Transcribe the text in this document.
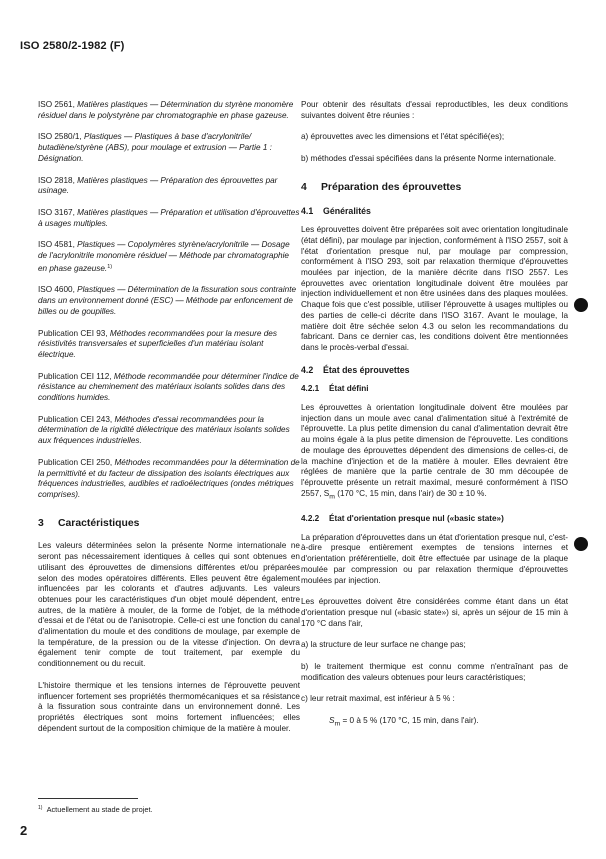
ISO 2580/2-1982 (F)
ISO 2561, Matières plastiques — Détermination du styrène monomère résiduel dans le polystyrène par chromatographie en phase gazeuse.
ISO 2580/1, Plastiques — Plastiques à base d'acrylonitrile/ butadiène/styrène (ABS), pour moulage et extrusion — Partie 1 : Désignation.
ISO 2818, Matières plastiques — Préparation des éprouvettes par usinage.
ISO 3167, Matières plastiques — Préparation et utilisation d'éprouvettes à usages multiples.
ISO 4581, Plastiques — Copolymères styrène/acrylonitrile — Dosage de l'acrylonitrile monomère résiduel — Méthode par chromatographie en phase gazeuse.$^{1)}$
ISO 4600, Plastiques — Détermination de la fissuration sous contrainte dans un environnement donné (ESC) — Méthode par enfoncement de billes ou de goupilles.
Publication CEI 93, Méthodes recommandées pour la mesure des résistivités transversales et superficielles d'un matériau isolant électrique.
Publication CEI 112, Méthode recommandée pour déterminer l'indice de résistance au cheminement des matériaux isolants solides dans des conditions humides.
Publication CEI 243, Méthodes d'essai recommandées pour la détermination de la rigidité diélectrique des matériaux isolants solides aux fréquences industrielles.
Publication CEI 250, Méthodes recommandées pour la détermination de la permittivité et du facteur de dissipation des isolants électriques aux fréquences industrielles, audibles et radioélectriques (ondes métriques comprises).
3 Caractéristiques

Les valeurs déterminées selon la présente Norme internationale ne seront pas nécessairement identiques à celles qui sont obtenues en utilisant des éprouvettes de dimensions différentes et/ou préparées selon des modes opératoires différents. Elles peuvent être également influencées par les colorants et d'autres adjuvants. Les valeurs obtenues pour les caractéristiques d'un objet moulé dépendent, entre autres, de la matière à mouler, de la forme de l'objet, de la méthode d'essai et de l'état ou de l'anisotropie. Celle-ci est une fonction du canal d'alimentation du moule et des conditions de moulage, par exemple de la température, de la pression ou de la vitesse d'injection. On devra également tenir compte de tout traitement, par exemple du conditionnement ou du recuit.

L'histoire thermique et les tensions internes de l'éprouvette peuvent influencer fortement ses propriétés thermomécaniques et sa résistance à la fissuration sous contrainte dans un environnement donné. Les propriétés électriques sont moins fortement influencées; elles dépendent surtout de la composition chimique de la matière à mouler.

Pour obtenir des résultats d'essai reproductibles, les deux conditions suivantes doivent être réunies :

a) éprouvettes avec les dimensions et l'état spécifié(es);

b) méthodes d'essai spécifiées dans la présente Norme internationale.

4 Préparation des éprouvettes
4.1 Généralités

Les éprouvettes doivent être préparées soit avec orientation longitudinale (état défini), par moulage par injection, conformément à l'ISO 2557, soit à l'état d'orientation presque nul, par moulage par compression, conformément à l'ISO 293, soit par relaxation thermique d'éprouvettes moulées par injection, de la manière décrite dans l'ISO 2557. Les éprouvettes avec orientation longitudinale doivent être moulées par injection individuellement et non être usinées dans des plaques moulées. Chaque fois que c'est possible, utiliser l'éprouvette à usages multiples ou des parties de celle-ci décrite dans l'ISO 3167. Avant le moulage, la matière doit être séchée selon 4.3 ou selon les recommandations du fabricant. Dans ce dernier cas, les conditions doivent être mentionnées dans le procès-verbal d'essai.

4.2 État des éprouvettes
4.2.1 État défini

Les éprouvettes à orientation longitudinale doivent être moulées par injection dans un moule avec canal d'alimentation situé à l'extrémité de l'éprouvette. La plus petite dimension du canal d'alimentation devrait être au moins égale à la plus petite dimension de l'éprouvette. Les conditions de moulage des éprouvettes dépendent des dimensions de celles-ci, de la machine d'injection et de la matière à mouler. Elles devraient être réglées de manière que la partie centrale de 30 mm découpée de l'éprouvette présente un retrait maximal, mesuré conformément à l'ISO 2557, $S_m$ (170 °C, 15 min, dans l'air) de 30 ± 10 %.

4.2.2 État d'orientation presque nul («basic state»)

La préparation d'éprouvettes dans un état d'orientation presque nul, c'est-à-dire presque entièrement exemptes de tensions internes et d'orientation préférentielle, doit être effectuée par usinage de la plaque moulée par compression ou par relaxation thermique d'éprouvettes moulées par injection.

Les éprouvettes doivent être considérées comme étant dans un état d'orientation presque nul («basic state») si, après un séjour de 15 min à 170 °C dans l'air,

a) la structure de leur surface ne change pas;

b) le traitement thermique est connu comme n'entraînant pas de modification des valeurs obtenues pour leurs caractéristiques;

c) leur retrait maximal, est inférieur à 5 % :

$S_m = 0$ à 5 % (170 °C, 15 min, dans l'air).

$^{1)}$ Actuellement au stade de projet.
2
